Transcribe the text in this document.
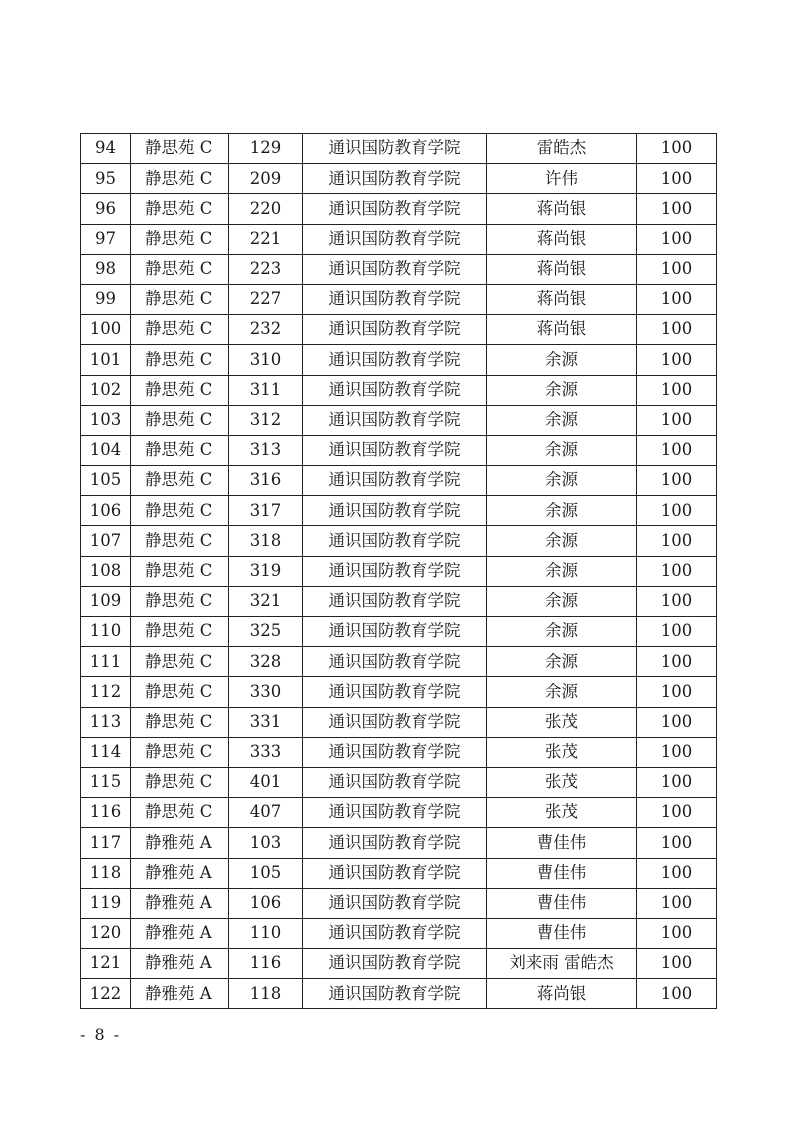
94	静思苑 C	129	通识国防教育学院	雷皓杰	100
95	静思苑 C	209	通识国防教育学院	许伟	100
96	静思苑 C	220	通识国防教育学院	蒋尚银	100
97	静思苑 C	221	通识国防教育学院	蒋尚银	100
98	静思苑 C	223	通识国防教育学院	蒋尚银	100
99	静思苑 C	227	通识国防教育学院	蒋尚银	100
100	静思苑 C	232	通识国防教育学院	蒋尚银	100
101	静思苑 C	310	通识国防教育学院	余源	100
102	静思苑 C	311	通识国防教育学院	余源	100
103	静思苑 C	312	通识国防教育学院	余源	100
104	静思苑 C	313	通识国防教育学院	余源	100
105	静思苑 C	316	通识国防教育学院	余源	100
106	静思苑 C	317	通识国防教育学院	余源	100
107	静思苑 C	318	通识国防教育学院	余源	100
108	静思苑 C	319	通识国防教育学院	余源	100
109	静思苑 C	321	通识国防教育学院	余源	100
110	静思苑 C	325	通识国防教育学院	余源	100
111	静思苑 C	328	通识国防教育学院	余源	100
112	静思苑 C	330	通识国防教育学院	余源	100
113	静思苑 C	331	通识国防教育学院	张茂	100
114	静思苑 C	333	通识国防教育学院	张茂	100
115	静思苑 C	401	通识国防教育学院	张茂	100
116	静思苑 C	407	通识国防教育学院	张茂	100
117	静雅苑 A	103	通识国防教育学院	曹佳伟	100
118	静雅苑 A	105	通识国防教育学院	曹佳伟	100
119	静雅苑 A	106	通识国防教育学院	曹佳伟	100
120	静雅苑 A	110	通识国防教育学院	曹佳伟	100
121	静雅苑 A	116	通识国防教育学院	刘来雨 雷皓杰	100
122	静雅苑 A	118	通识国防教育学院	蒋尚银	100
- 8 -
